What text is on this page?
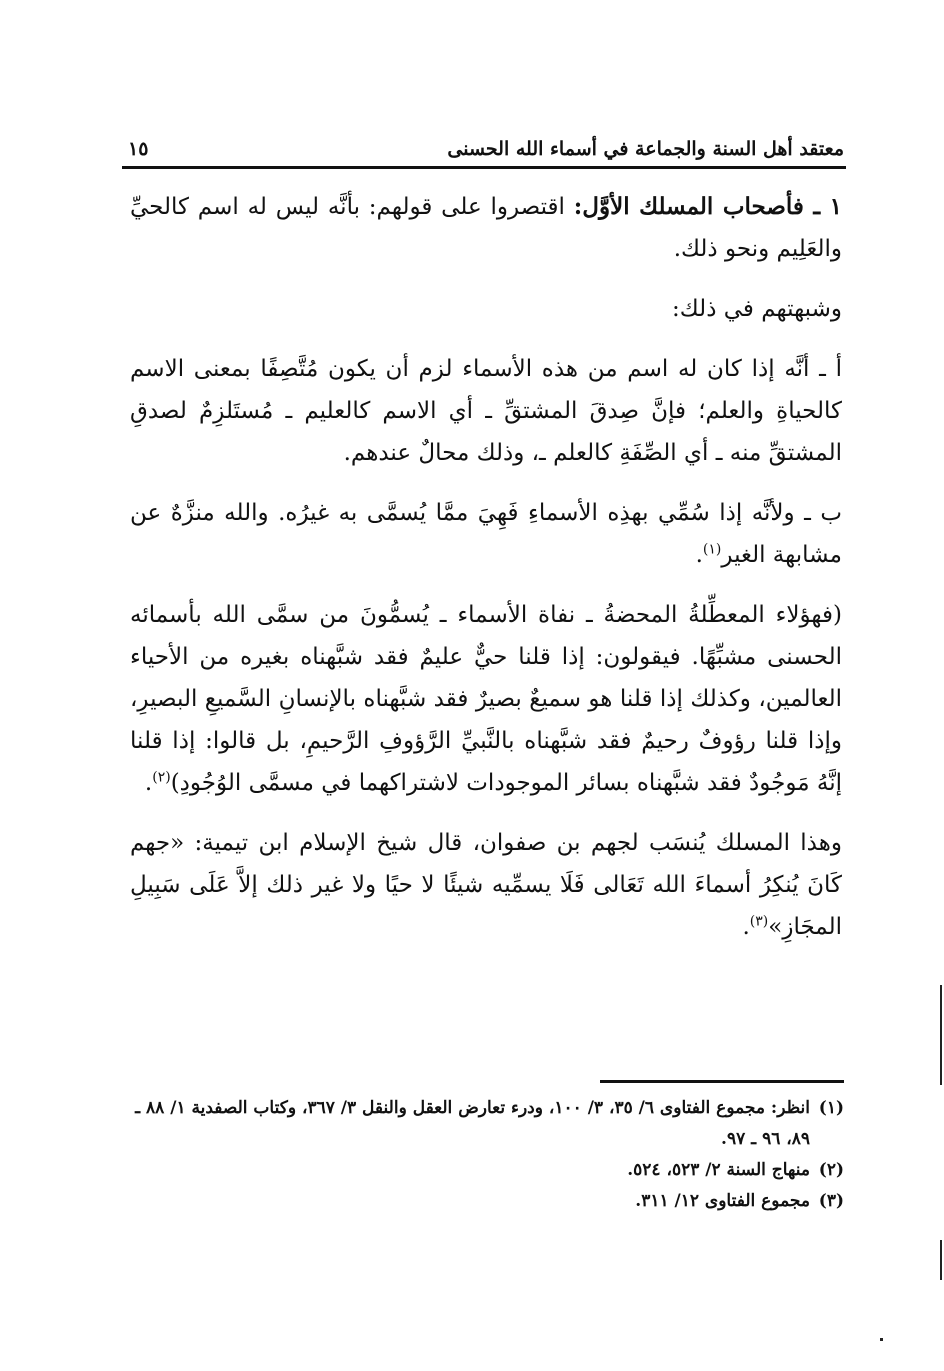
معتقد أهل السنة والجماعة في أسماء الله الحسنى
١٥

١ ـ فأصحاب المسلك الأوَّل: اقتصروا على قولهم: بأنَّه ليس له اسم كالحيِّ والعَلِيم ونحو ذلك.

وشبهتهم في ذلك:

أ ـ أنَّه إذا كان له اسم من هذه الأسماء لزم أن يكون مُتَّصِفًا بمعنى الاسم كالحياةِ والعلم؛ فإنَّ صِدقَ المشتقِّ ـ أي الاسم كالعليم ـ مُستَلزِمٌ لصدقِ المشتقِّ منه ـ أي الصِّفَةِ كالعلم ـ، وذلك محالٌ عندهم.

ب ـ ولأنَّه إذا سُمِّي بهذِه الأسماءِ فَهِيَ ممَّا يُسمَّى به غيرُه. والله منزَّهٌ عن مشابهة الغير$^{(١)}$.

(فهؤلاء المعطِّلةُ المحضةُ ـ نفاة الأسماء ـ يُسمُّونَ من سمَّى الله بأسمائه الحسنى مشبِّهًا. فيقولون: إذا قلنا حيٌّ عليمٌ فقد شبَّهناه بغيره من الأحياء العالمين، وكذلك إذا قلنا هو سميعٌ بصيرٌ فقد شبَّهناه بالإنسانِ السَّميعِ البصيرِ، وإذا قلنا رؤوفٌ رحيمٌ فقد شبَّهناه بالنَّبيِّ الرَّؤوفِ الرَّحيمِ، بل قالوا: إذا قلنا إنَّهُ مَوجُودٌ فقد شبَّهناه بسائر الموجودات لاشتراكهما في مسمَّى الوُجُودِ)$^{(٢)}$.

وهذا المسلك يُنسَب لجهم بن صفوان، قال شيخ الإسلام ابن تيمية: «جهم كَانَ يُنكِرُ أسماءَ الله تَعَالى فَلَا يسمِّيه شيئًا لا حيًا ولا غير ذلك إلاَّ عَلَى سَبِيلِ المجَازِ»$^{(٣)}$.

(١)
انظر: مجموع الفتاوى ٦/ ٣٥، ٣/ ١٠٠، ودرء تعارض العقل والنقل ٣/ ٣٦٧، وكتاب الصفدية ١/ ٨٨ ـ ٨٩، ٩٦ ـ ٩٧.
(٢)
منهاج السنة ٢/ ٥٢٣، ٥٢٤.
(٣)
مجموع الفتاوى ١٢/ ٣١١.
